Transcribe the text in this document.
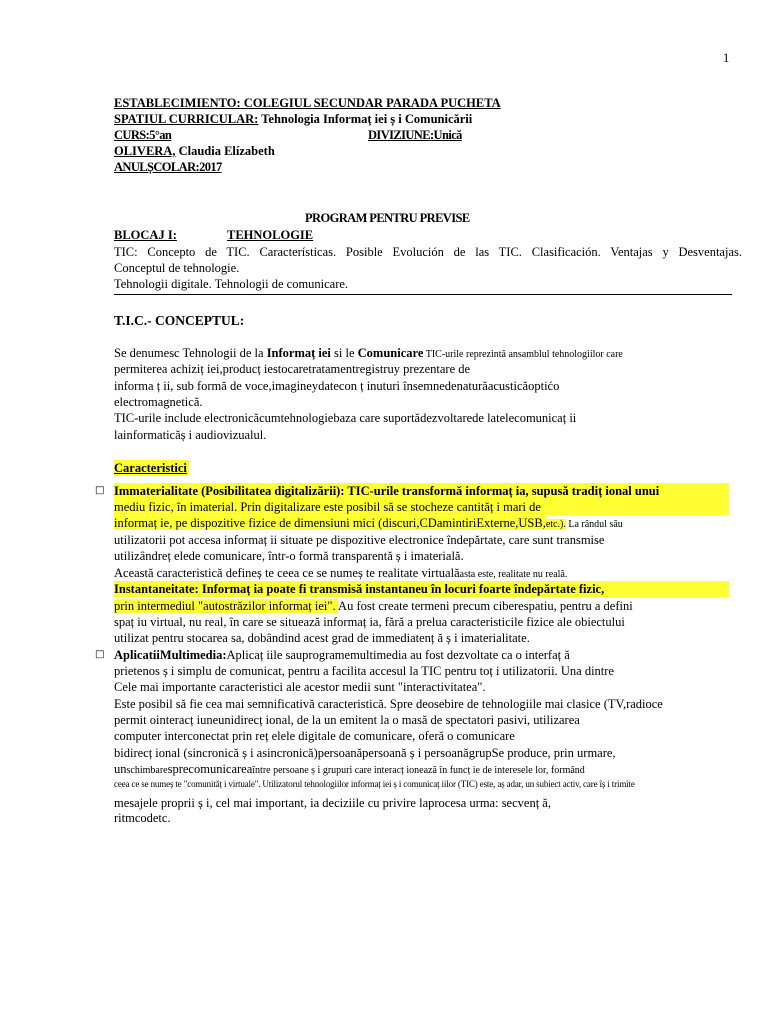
1
ESTABLECIMIENTO: COLEGIUL SECUNDAR PARADA PUCHETA
SPATIUL CURRICULAR: Tehnologia Informaț iei ș i Comunicării
CURS:5°an	DIVIZIUNE:Unică
OLIVERA, Claudia Elízabeth
ANULȘCOLAR:2017
PROGRAM PENTRU PREVISE
BLOCAJ I:	TEHNOLOGIE
TIC: Concepto de TIC. Características. Posible Evolución de las TIC. Clasificación. Ventajas y Desventajas.
Conceptul de tehnologie.
Tehnologii digitale. Tehnologii de comunicare.
T.I.C.- CONCEPTUL:
Se denumesc Tehnologii de la Informaț iei si le Comunicare TIC-urile reprezintă ansamblul tehnologiilor care
permiterea achiziț iei,producț iestocaretratamentregistruy prezentare de
informa ț ii, sub formă de voce,imagineydatecon ț inuturi însemnedenaturăacusticăoptićo
electromagnetică.
TIC-urile include electronicăcumtehnologiebaza care suportădezvoltarede latelecomunicaț ii
lainformaticăș i audiovizualul.
Caracteristici
□ Immaterialitate (Posibilitatea digitalizării): TIC-urile transformă informaț ia, supusă tradiț ional unui
mediu fizic, în imaterial. Prin digitalizare este posibil să se stocheze cantităț i mari de
informaț ie, pe dispozitive fizice de dimensiuni mici (discuri,CDamintiriExterne,USB,etc.). La rândul său
utilizatorii pot accesa informaț ii situate pe dispozitive electronice îndepărtate, care sunt transmise
utilizândreț elede comunicare, într-o formă transparentă ș i imaterială.
Această caracteristică defineș te ceea ce se numeș te realitate virtualăasta este, realitate nu reală.
Instantaneitate: Informaț ia poate fi transmisă instantaneu în locuri foarte îndepărtate fizic,
prin intermediul "autostrăzilor informaț iei". Au fost create termeni precum ciberespatiu, pentru a defini
spaț iu virtual, nu real, în care se situează informaț ia, fără a prelua caracteristicile fizice ale obiectului
utilizat pentru stocarea sa, dobândind acest grad de immediatenț ă ș i imaterialitate.
□ AplicatiiMultimedia:Aplicaț iile sauprogramemultimedia au fost dezvoltate ca o interfaț ă
prietenos ș i simplu de comunicat, pentru a facilita accesul la TIC pentru toț i utilizatorii. Una dintre
Cele mai importante caracteristici ale acestor medii sunt "interactivitatea".
Este posibil să fie cea mai semnificativă caracteristică. Spre deosebire de tehnologiile mai clasice (TV,radioce
permit ointeracț iuneunidirecț ional, de la un emitent la o masă de spectatori pasivi, utilizarea
computer interconectat prin reț elele digitale de comunicare, oferă o comunicare
bidirecț ional (sincronică ș i asincronică)persoanăpersoană ș i persoanăgrupSe produce, prin urmare,
unschimbaresprecomunicareaîntre persoane ș i grupuri care interacț ionează în funcț ie de interesele lor, formând
ceea ce se numeș te "comunităț i virtuale". Utilizatorul tehnologiilor informaț iei ș i comunicaț iilor (TIC) este, aș adar, un subiect activ, care îș i trimite
mesajele proprii ș i, cel mai important, ia deciziile cu privire laprocesa urma: secvenț ă,
ritmcodetc.
